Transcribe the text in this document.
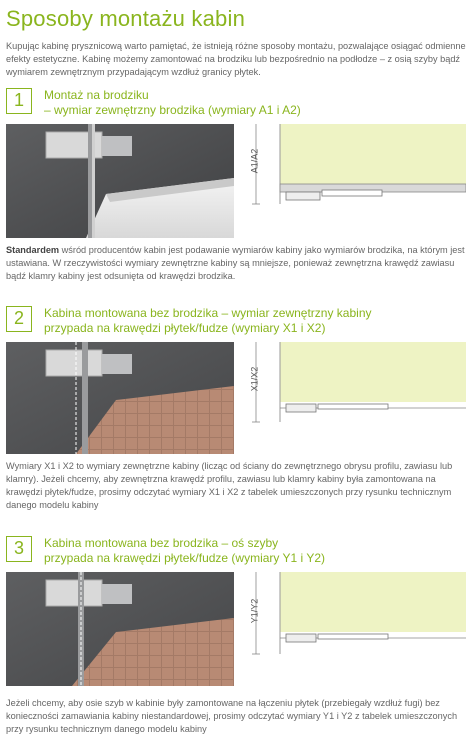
Sposoby montażu kabin
Kupując kabinę prysznicową warto pamiętać, że istnieją różne sposoby montażu, pozwalające osiągać odmienne efekty estetyczne. Kabinę możemy zamontować na brodziku lub bezpośrednio na podłodze – z osią szyby bądź wymiarem zewnętrznym przypadającym wzdłuż granicy płytek.
1	Montaż na brodziku
– wymiar zewnętrzny brodzika (wymiary A1 i A2)
A1/A2
Standardem wśród producentów kabin jest podawanie wymiarów kabiny jako wymiarów brodzika, na którym jest ustawiana. W rzeczywistości wymiary zewnętrzne kabiny są mniejsze, ponieważ zewnętrzna krawędź zawiasu bądź klamry kabiny jest odsunięta od krawędzi brodzika.
2	Kabina montowana bez brodzika – wymiar zewnętrzny kabiny
przypada na krawędzi płytek/fudze (wymiary X1 i X2)
X1/X2
Wymiary X1 i X2 to wymiary zewnętrzne kabiny (licząc od ściany do zewnętrznego obrysu profilu, zawiasu lub klamry). Jeżeli chcemy, aby zewnętrzna krawędź profilu, zawiasu lub klamry kabiny była zamontowana na krawędzi płytek/fudze, prosimy odczytać wymiary X1 i X2 z tabelek umieszczonych przy rysunku technicznym danego modelu kabiny
3	Kabina montowana bez brodzika – oś szyby
przypada na krawędzi płytek/fudze (wymiary Y1 i Y2)
Y1/Y2
Jeżeli chcemy, aby osie szyb w kabinie były zamontowane na łączeniu płytek (przebiegały wzdłuż fugi) bez konieczności zamawiania kabiny niestandardowej, prosimy odczytać wymiary Y1 i Y2 z tabelek umieszczonych przy rysunku technicznym danego modelu kabiny
